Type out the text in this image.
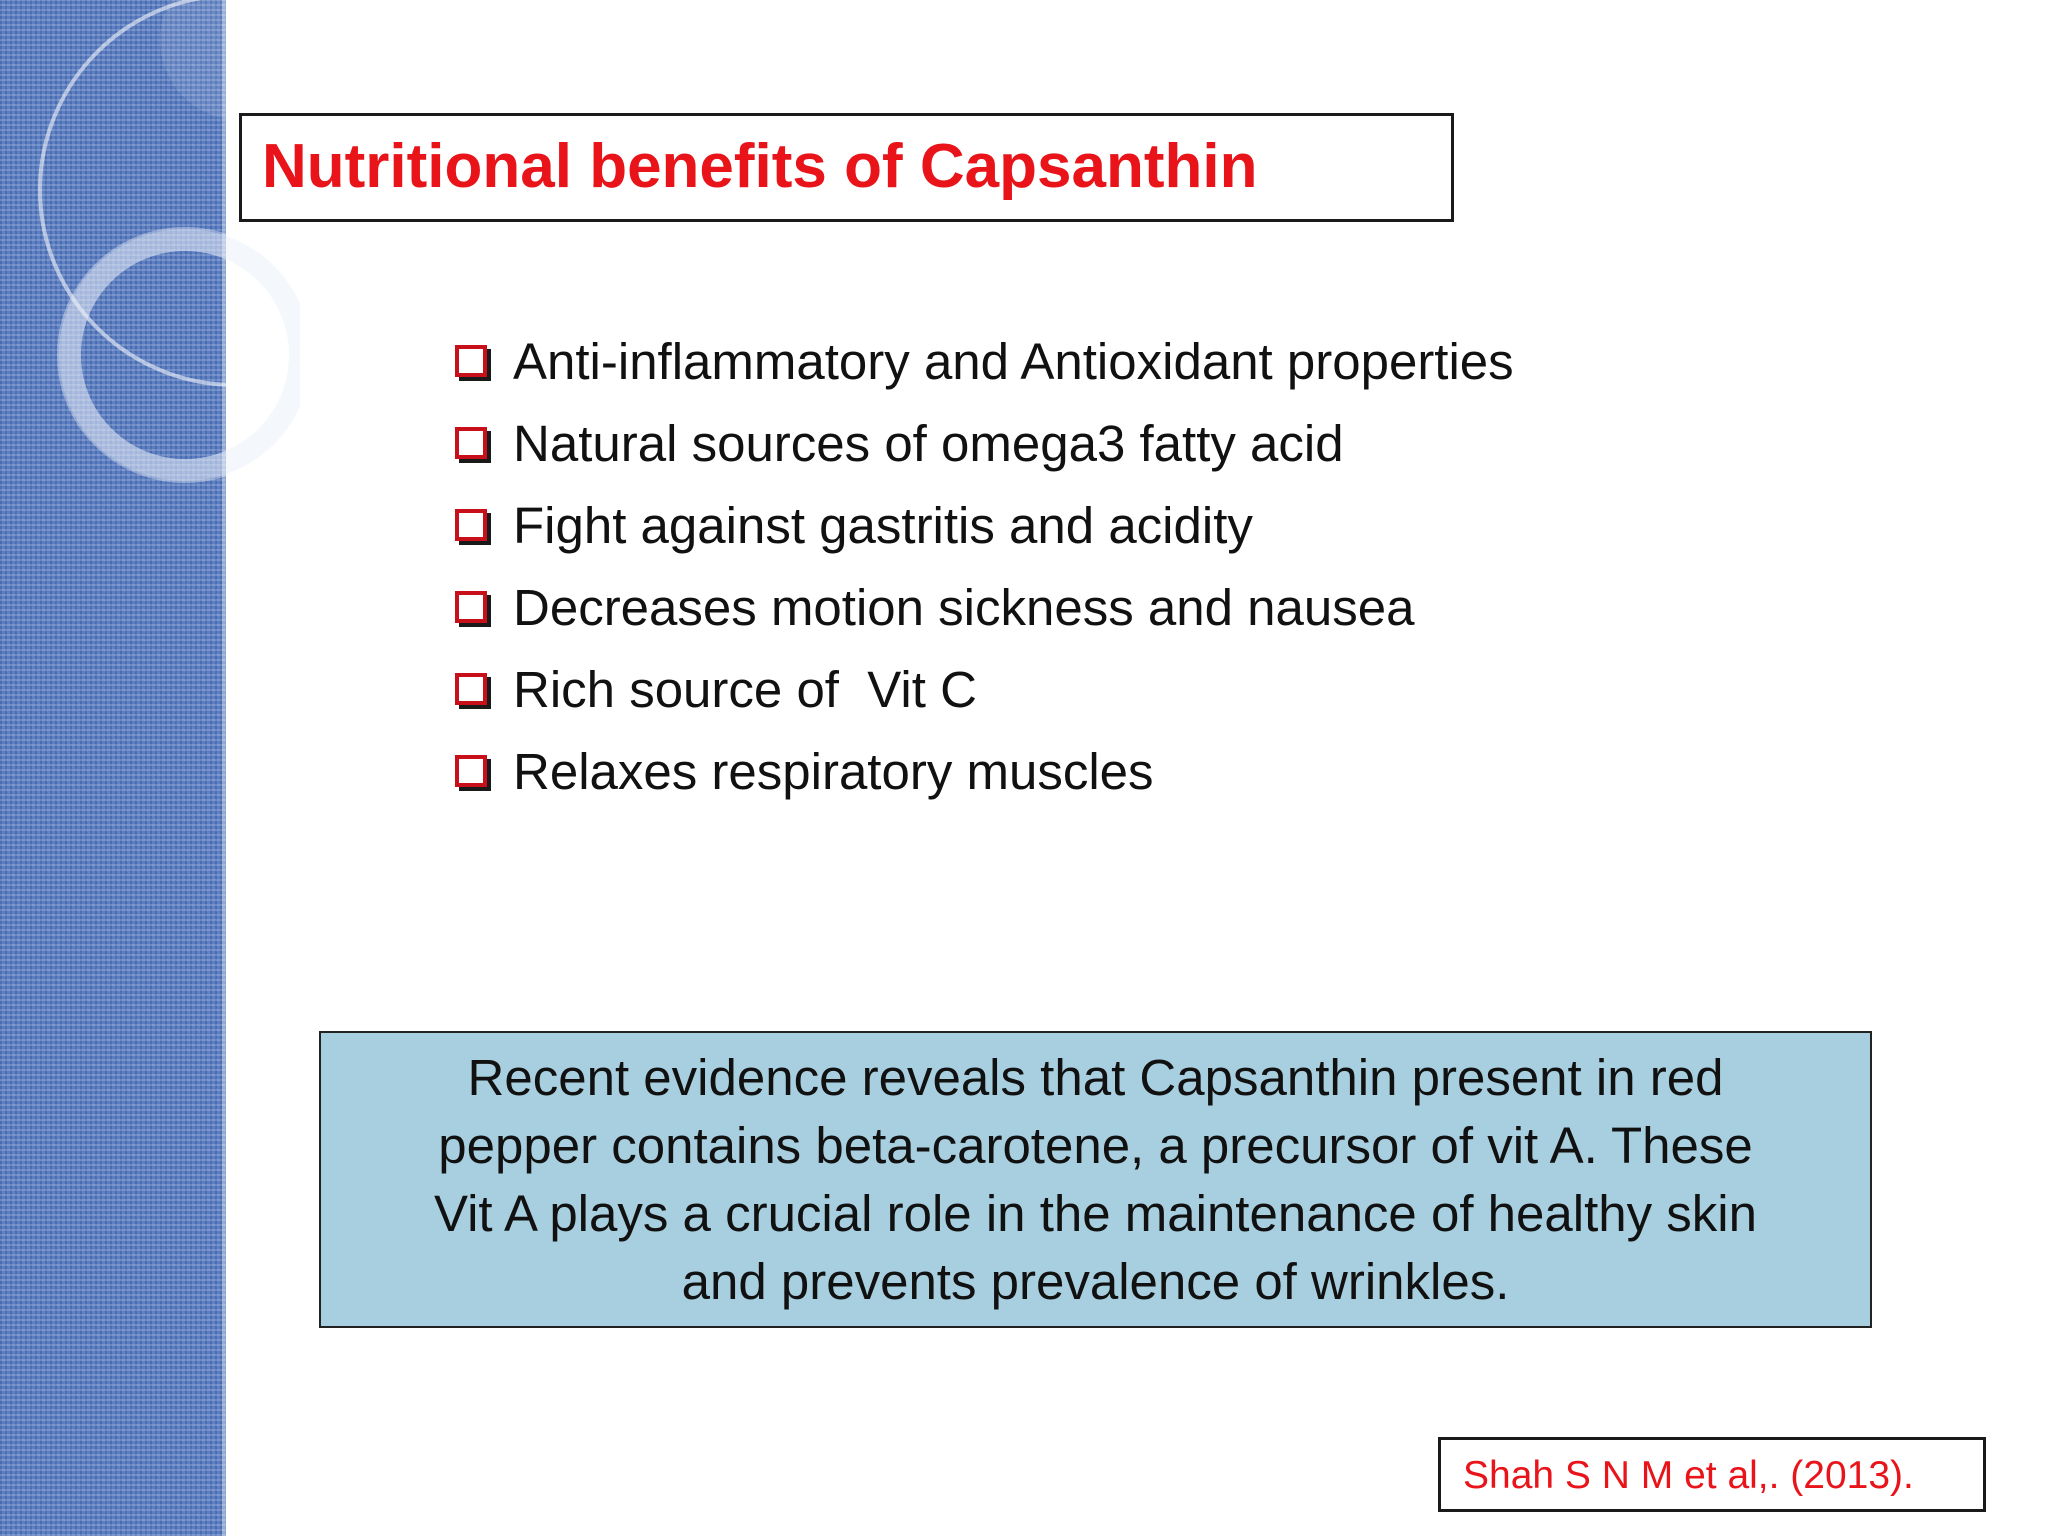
Nutritional benefits of Capsanthin
Anti-inflammatory and Antioxidant properties
Natural sources of omega3 fatty acid
Fight against gastritis and acidity
Decreases motion sickness and nausea
Rich source of  Vit C
Relaxes respiratory muscles

Recent evidence reveals that Capsanthin present in red
pepper contains beta-carotene, a precursor of vit A. These
Vit A plays a crucial role in the maintenance of healthy skin
and prevents prevalence of wrinkles.

Shah S N M et al,. (2013).
